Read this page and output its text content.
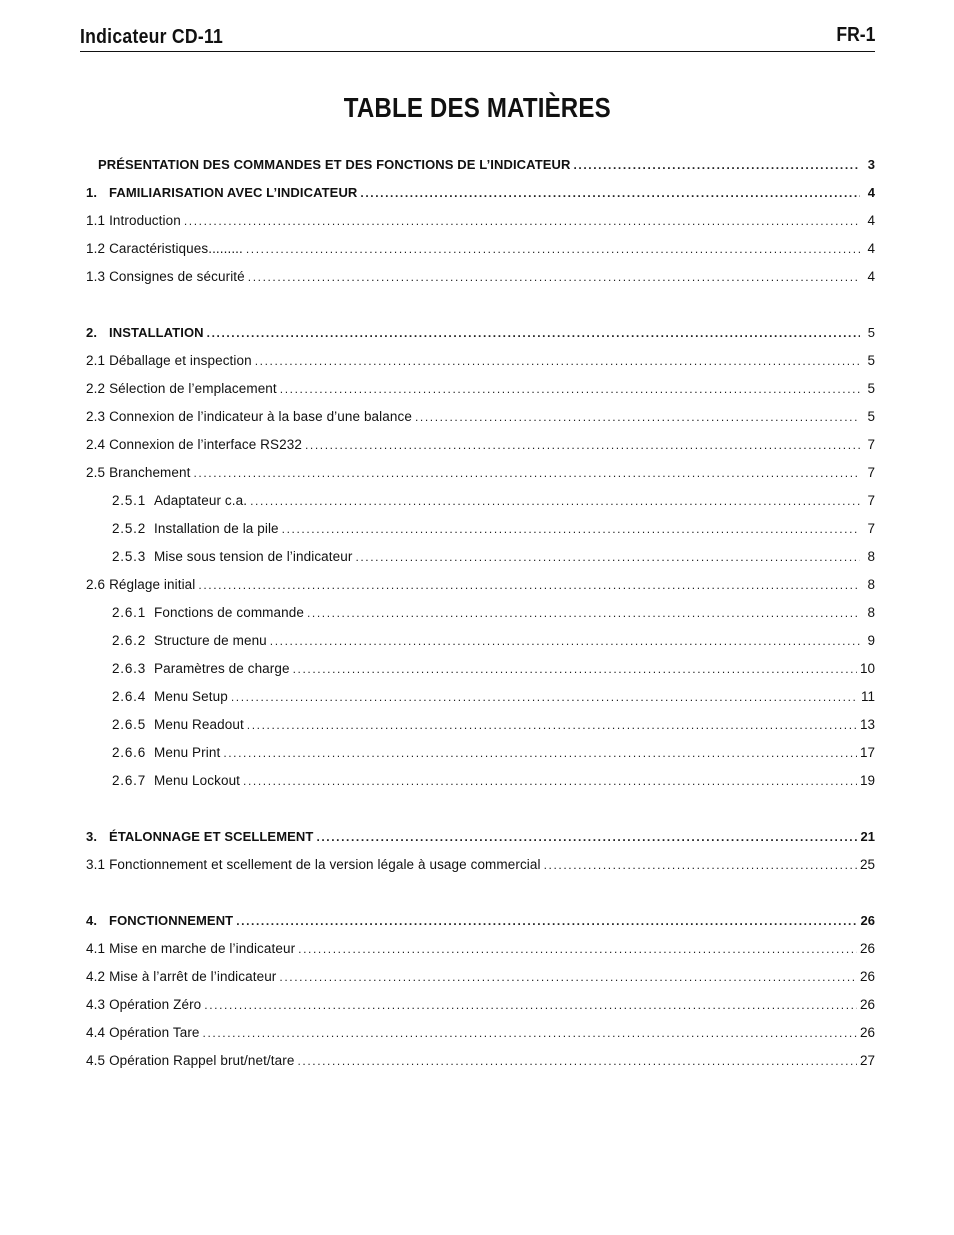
Indicateur CD-11	FR-1
TABLE DES MATIÈRES
PRÉSENTATION DES COMMANDES ET DES FONCTIONS DE L’INDICATEUR .....	3
1. FAMILIARISATION AVEC L’INDICATEUR .....	4
1.1 Introduction .....	4
1.2 Caractéristiques......... .....	4
1.3 Consignes de sécurité .....	4
2. INSTALLATION .....	5
2.1 Déballage et inspection .....	5
2.2 Sélection de l’emplacement .....	5
2.3 Connexion de l’indicateur à la base d’une balance .....	5
2.4 Connexion de l’interface RS232 .....	7
2.5 Branchement .....	7
2.5.1 Adaptateur c.a. .....	7
2.5.2 Installation de la pile .....	7
2.5.3 Mise sous tension de l’indicateur .....	8
2.6 Réglage initial .....	8
2.6.1 Fonctions de commande .....	8
2.6.2 Structure de menu .....	9
2.6.3 Paramètres de charge .....	10
2.6.4 Menu Setup .....	11
2.6.5 Menu Readout .....	13
2.6.6 Menu Print .....	17
2.6.7 Menu Lockout .....	19
3. ÉTALONNAGE ET SCELLEMENT .....	21
3.1 Fonctionnement et scellement de la version légale à usage commercial .....	25
4. FONCTIONNEMENT .....	26
4.1 Mise en marche de l’indicateur .....	26
4.2 Mise à l’arrêt de l’indicateur .....	26
4.3 Opération Zéro .....	26
4.4 Opération Tare .....	26
4.5 Opération Rappel brut/net/tare .....	27
